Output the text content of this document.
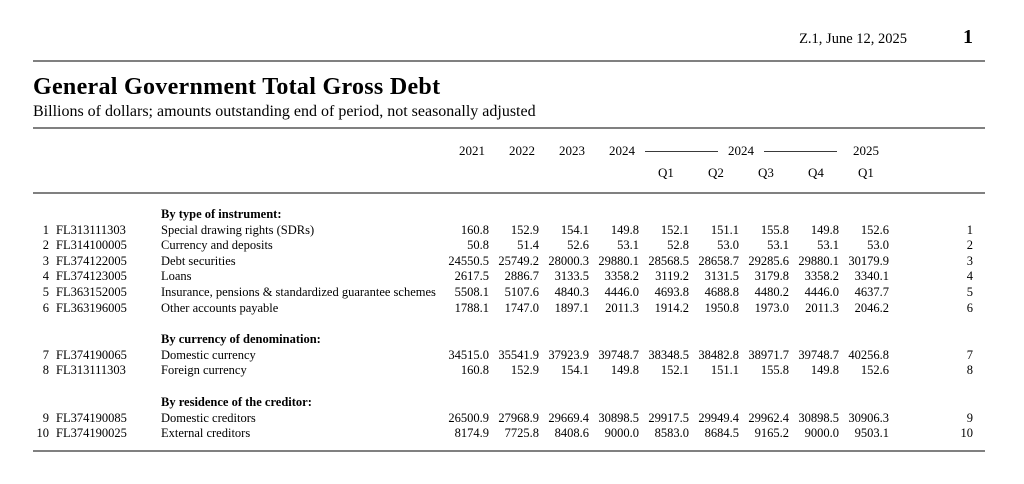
Z.1, June 12, 2025	1
General Government Total Gross Debt
Billions of dollars; amounts outstanding end of period, not seasonally adjusted
			2021	2022	2023	2024	2024				2025	

							Q1	Q2	Q3	Q4	Q1	
		By type of instrument:										
1	FL313111303	Special drawing rights (SDRs)	160.8	152.9	154.1	149.8	152.1	151.1	155.8	149.8	152.6	1
2	FL314100005	Currency and deposits	50.8	51.4	52.6	53.1	52.8	53.0	53.1	53.1	53.0	2
3	FL374122005	Debt securities	24550.5	25749.2	28000.3	29880.1	28568.5	28658.7	29285.6	29880.1	30179.9	3
4	FL374123005	Loans	2617.5	2886.7	3133.5	3358.2	3119.2	3131.5	3179.8	3358.2	3340.1	4
5	FL363152005	Insurance, pensions & standardized guarantee schemes	5508.1	5107.6	4840.3	4446.0	4693.8	4688.8	4480.2	4446.0	4637.7	5
6	FL363196005	Other accounts payable	1788.1	1747.0	1897.1	2011.3	1914.2	1950.8	1973.0	2011.3	2046.2	6
		By currency of denomination:										
7	FL374190065	Domestic currency	34515.0	35541.9	37923.9	39748.7	38348.5	38482.8	38971.7	39748.7	40256.8	7
8	FL313111303	Foreign currency	160.8	152.9	154.1	149.8	152.1	151.1	155.8	149.8	152.6	8
		By residence of the creditor:										
9	FL374190085	Domestic creditors	26500.9	27968.9	29669.4	30898.5	29917.5	29949.4	29962.4	30898.5	30906.3	9
10	FL374190025	External creditors	8174.9	7725.8	8408.6	9000.0	8583.0	8684.5	9165.2	9000.0	9503.1	10
